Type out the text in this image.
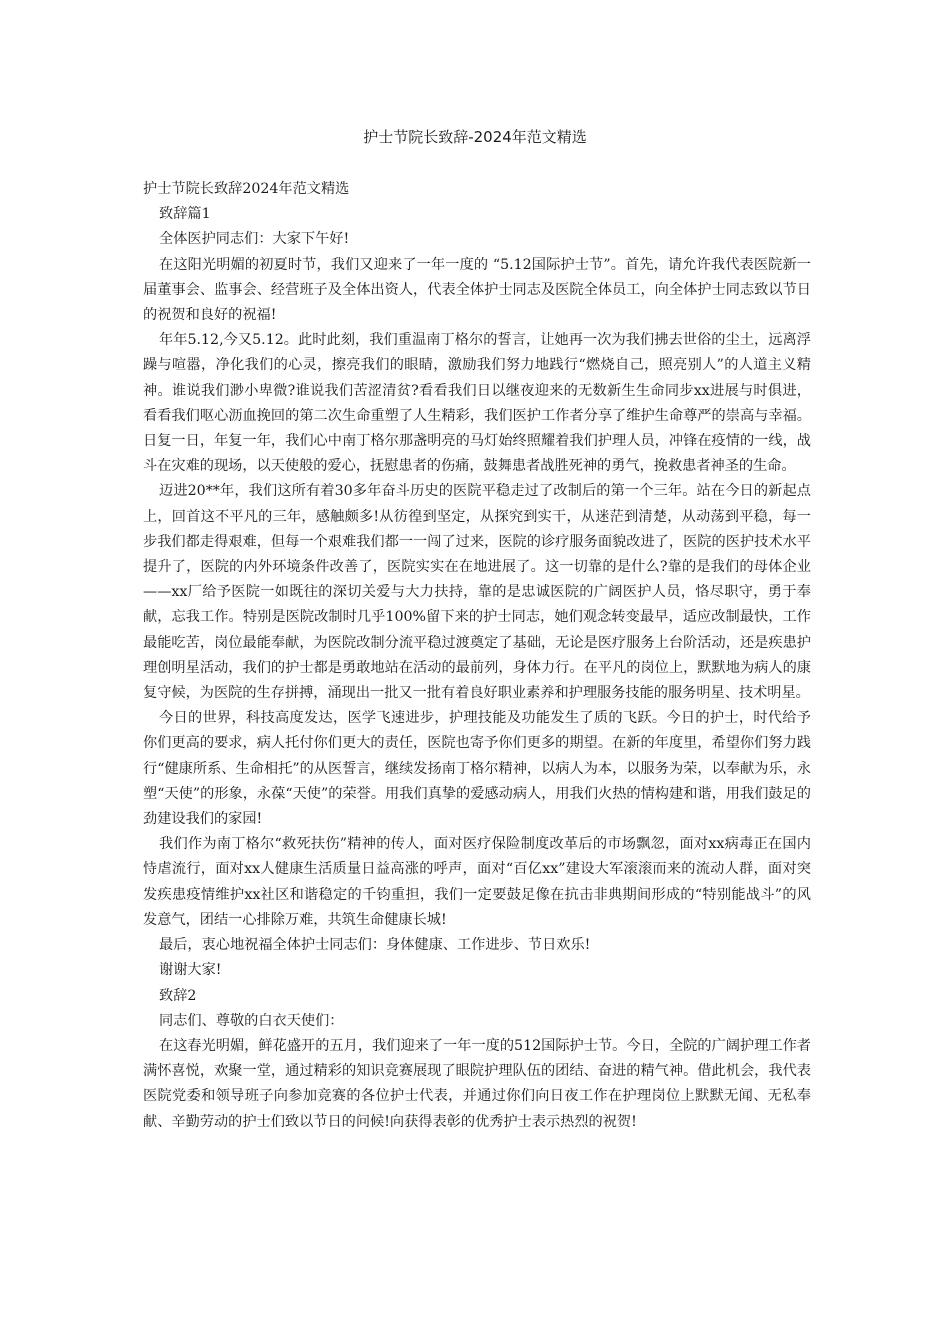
护士节院长致辞-2024年范文精选

护士节院长致辞2024年范文精选

致辞篇1

全体医护同志们：大家下午好!

在这阳光明媚的初夏时节，我们又迎来了一年一度的 “5.12国际护士节”。首先，请允许我代表医院新一届董事会、监事会、经营班子及全体出资人，代表全体护士同志及医院全体员工，向全体护士同志致以节日的祝贺和良好的祝福!

年年5.12,今又5.12。此时此刻，我们重温南丁格尔的誓言，让她再一次为我们拂去世俗的尘土，远离浮躁与喧嚣，净化我们的心灵，擦亮我们的眼睛，激励我们努力地践行“燃烧自己，照亮别人”的人道主义精神。谁说我们渺小卑微?谁说我们苦涩清贫?看看我们日以继夜迎来的无数新生生命同步xx进展与时俱进，看看我们呕心沥血挽回的第二次生命重塑了人生精彩，我们医护工作者分享了维护生命尊严的崇高与幸福。日复一日，年复一年，我们心中南丁格尔那盏明亮的马灯始终照耀着我们护理人员，冲锋在疫情的一线，战斗在灾难的现场，以天使般的爱心，抚慰患者的伤痛，鼓舞患者战胜死神的勇气，挽救患者神圣的生命。

迈进20**年，我们这所有着30多年奋斗历史的医院平稳走过了改制后的第一个三年。站在今日的新起点上，回首这不平凡的三年，感触颇多!从彷徨到坚定，从探究到实干，从迷茫到清楚，从动荡到平稳，每一步我们都走得艰难，但每一个艰难我们都一一闯了过来，医院的诊疗服务面貌改进了，医院的医护技术水平提升了，医院的内外环境条件改善了，医院实实在在地进展了。这一切靠的是什么?靠的是我们的母体企业——xx厂给予医院一如既往的深切关爱与大力扶持，靠的是忠诚医院的广阔医护人员，恪尽职守，勇于奉献，忘我工作。特别是医院改制时几乎100%留下来的护士同志，她们观念转变最早，适应改制最快，工作最能吃苦，岗位最能奉献，为医院改制分流平稳过渡奠定了基础，无论是医疗服务上台阶活动，还是疾患护理创明星活动，我们的护士都是勇敢地站在活动的最前列，身体力行。在平凡的岗位上，默默地为病人的康复守候，为医院的生存拼搏，涌现出一批又一批有着良好职业素养和护理服务技能的服务明星、技术明星。

今日的世界，科技高度发达，医学飞速进步，护理技能及功能发生了质的飞跃。今日的护士，时代给予你们更高的要求，病人托付你们更大的责任，医院也寄予你们更多的期望。在新的年度里，希望你们努力践行“健康所系、生命相托”的从医誓言，继续发扬南丁格尔精神，以病人为本，以服务为荣，以奉献为乐，永塑“天使”的形象，永葆“天使”的荣誉。用我们真挚的爱感动病人，用我们火热的情构建和谐，用我们鼓足的劲建设我们的家园!

我们作为南丁格尔“救死扶伤”精神的传人，面对医疗保险制度改革后的市场飘忽，面对xx病毒正在国内恃虐流行，面对xx人健康生活质量日益高涨的呼声，面对“百亿xx”建设大军滚滚而来的流动人群，面对突发疾患疫情维护xx社区和谐稳定的千钧重担，我们一定要鼓足像在抗击非典期间形成的“特别能战斗”的风发意气，团结一心排除万难，共筑生命健康长城!

最后，衷心地祝福全体护士同志们：身体健康、工作进步、节日欢乐!

谢谢大家!

致辞2

同志们、尊敬的白衣天使们：

在这春光明媚，鲜花盛开的五月，我们迎来了一年一度的512国际护士节。今日，全院的广阔护理工作者满怀喜悦，欢聚一堂，通过精彩的知识竞赛展现了眼院护理队伍的团结、奋进的精气神。借此机会，我代表医院党委和领导班子向参加竞赛的各位护士代表，并通过你们向日夜工作在护理岗位上默默无闻、无私奉献、辛勤劳动的护士们致以节日的问候!向获得表彰的优秀护士表示热烈的祝贺!
